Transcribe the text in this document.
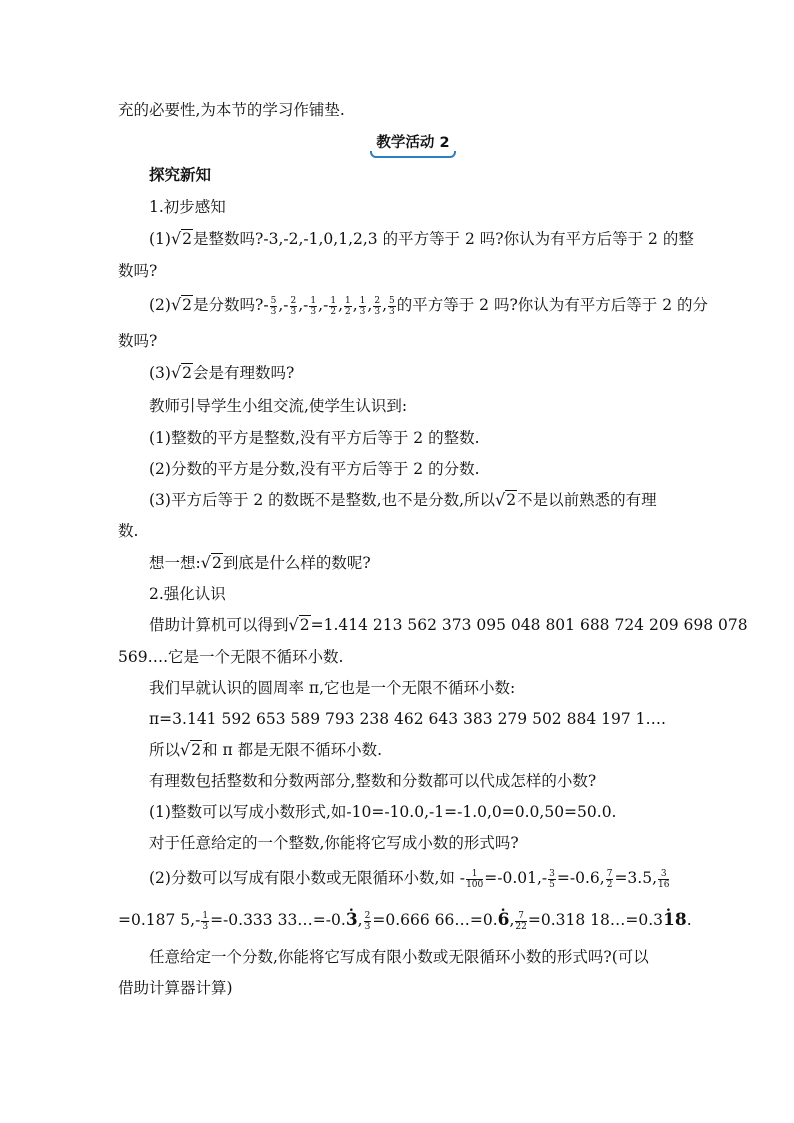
充的必要性,为本节的学习作铺垫.
教学活动 2
探究新知
1.初步感知
(1)√2是整数吗?-3,-2,-1,0,1,2,3 的平方等于 2 吗?你认为有平方后等于 2 的整
数吗?
(2)√2是分数吗?- $\frac{5}{3}$ ,- $\frac{2}{3}$ ,- $\frac{1}{3}$ ,- $\frac{1}{2}$ , $\frac{1}{2}$ , $\frac{1}{3}$ , $\frac{2}{3}$ , $\frac{5}{3}$ 的平方等于 2 吗?你认为有平方后等于 2 的分
数吗?
(3)√2会是有理数吗?
教师引导学生小组交流,使学生认识到:
(1)整数的平方是整数,没有平方后等于 2 的整数.
(2)分数的平方是分数,没有平方后等于 2 的分数.
(3)平方后等于 2 的数既不是整数,也不是分数,所以√2不是以前熟悉的有理
数.
想一想:√2到底是什么样的数呢?
2.强化认识
借助计算机可以得到√2=1.414 213 562 373 095 048 801 688 724 209 698 078
569….它是一个无限不循环小数.
我们早就认识的圆周率 π,它也是一个无限不循环小数:
π=3.141 592 653 589 793 238 462 643 383 279 502 884 197 1….
所以√2和 π 都是无限不循环小数.
有理数包括整数和分数两部分,整数和分数都可以代成怎样的小数?
(1)整数可以写成小数形式,如-10=-10.0,-1=-1.0,0=0.0,50=50.0.
对于任意给定的一个整数,你能将它写成小数的形式吗?
(2)分数可以写成有限小数或无限循环小数,如 - $\frac{1}{100} =-0.01,- \frac{3}{5} =-0.6$, $\frac{7}{2} =3.5$, $\frac{3}{16}$
=0.187 $5,- \frac{1}{3} =-0.333$ 33…=-0.. 3, $\frac{2}{3} =0.666$ 66…=0.. 6, $\frac{7}{22} =0.318$ 18…=0.3. 18.
任意给定一个分数,你能将它写成有限小数或无限循环小数的形式吗?(可以
借助计算器计算)
